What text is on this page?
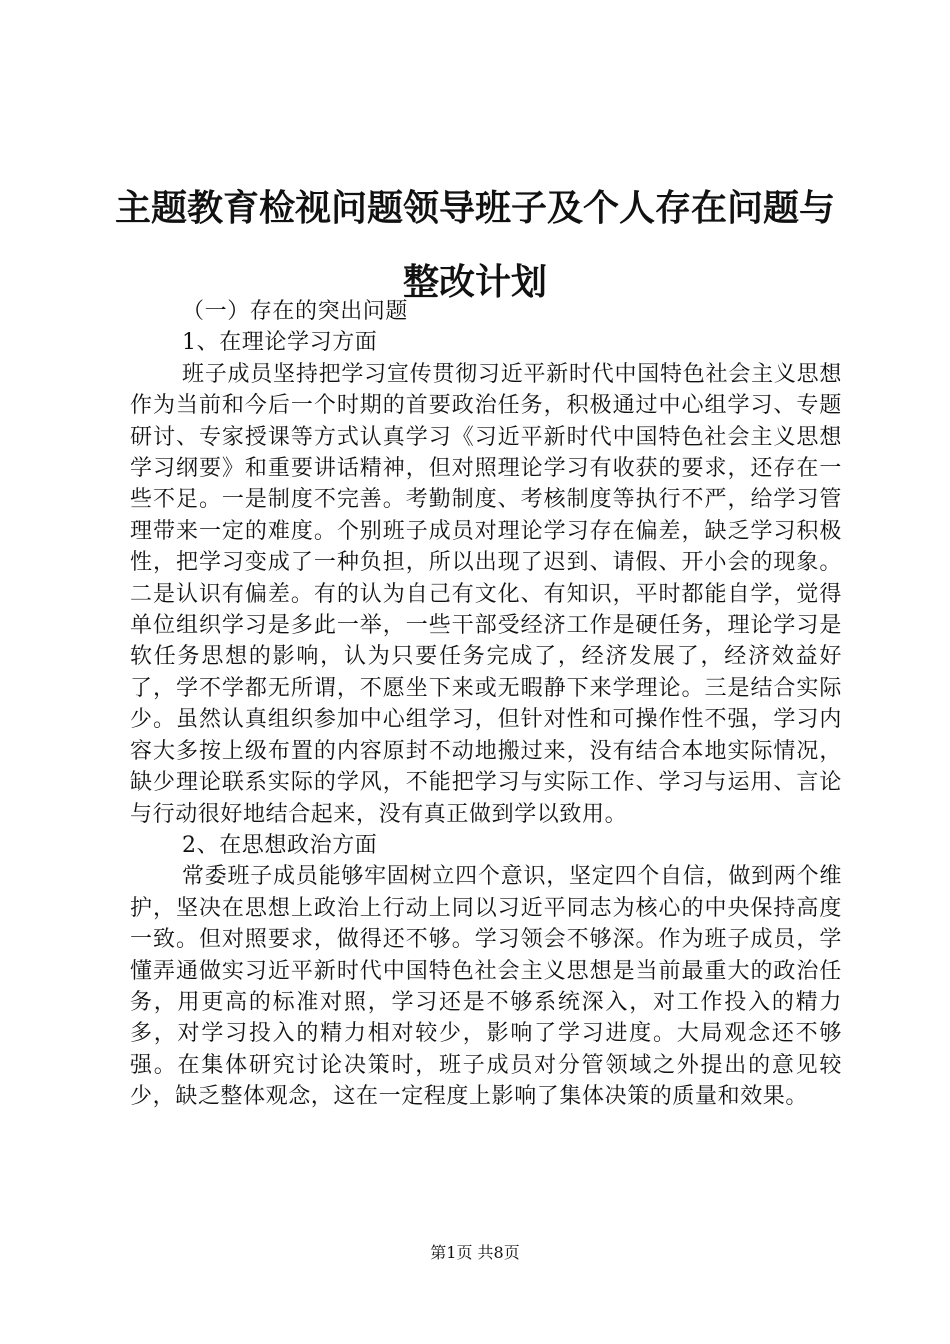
主题教育检视问题领导班子及个人存在问题与整改计划

（一）存在的突出问题

1、在理论学习方面

班子成员坚持把学习宣传贯彻习近平新时代中国特色社会主义思想作为当前和今后一个时期的首要政治任务，积极通过中心组学习、专题研讨、专家授课等方式认真学习《习近平新时代中国特色社会主义思想学习纲要》和重要讲话精神，但对照理论学习有收获的要求，还存在一些不足。一是制度不完善。考勤制度、考核制度等执行不严，给学习管理带来一定的难度。个别班子成员对理论学习存在偏差，缺乏学习积极性，把学习变成了一种负担，所以出现了迟到、请假、开小会的现象。二是认识有偏差。有的认为自己有文化、有知识，平时都能自学，觉得单位组织学习是多此一举，一些干部受经济工作是硬任务，理论学习是软任务思想的影响，认为只要任务完成了，经济发展了，经济效益好了，学不学都无所谓，不愿坐下来或无暇静下来学理论。三是结合实际少。虽然认真组织参加中心组学习，但针对性和可操作性不强，学习内容大多按上级布置的内容原封不动地搬过来，没有结合本地实际情况，缺少理论联系实际的学风，不能把学习与实际工作、学习与运用、言论与行动很好地结合起来，没有真正做到学以致用。

2、在思想政治方面

常委班子成员能够牢固树立四个意识，坚定四个自信，做到两个维护，坚决在思想上政治上行动上同以习近平同志为核心的中央保持高度一致。但对照要求，做得还不够。学习领会不够深。作为班子成员，学懂弄通做实习近平新时代中国特色社会主义思想是当前最重大的政治任务，用更高的标准对照，学习还是不够系统深入，对工作投入的精力多，对学习投入的精力相对较少，影响了学习进度。大局观念还不够强。在集体研究讨论决策时，班子成员对分管领域之外提出的意见较少，缺乏整体观念，这在一定程度上影响了集体决策的质量和效果。

第1页 共8页
